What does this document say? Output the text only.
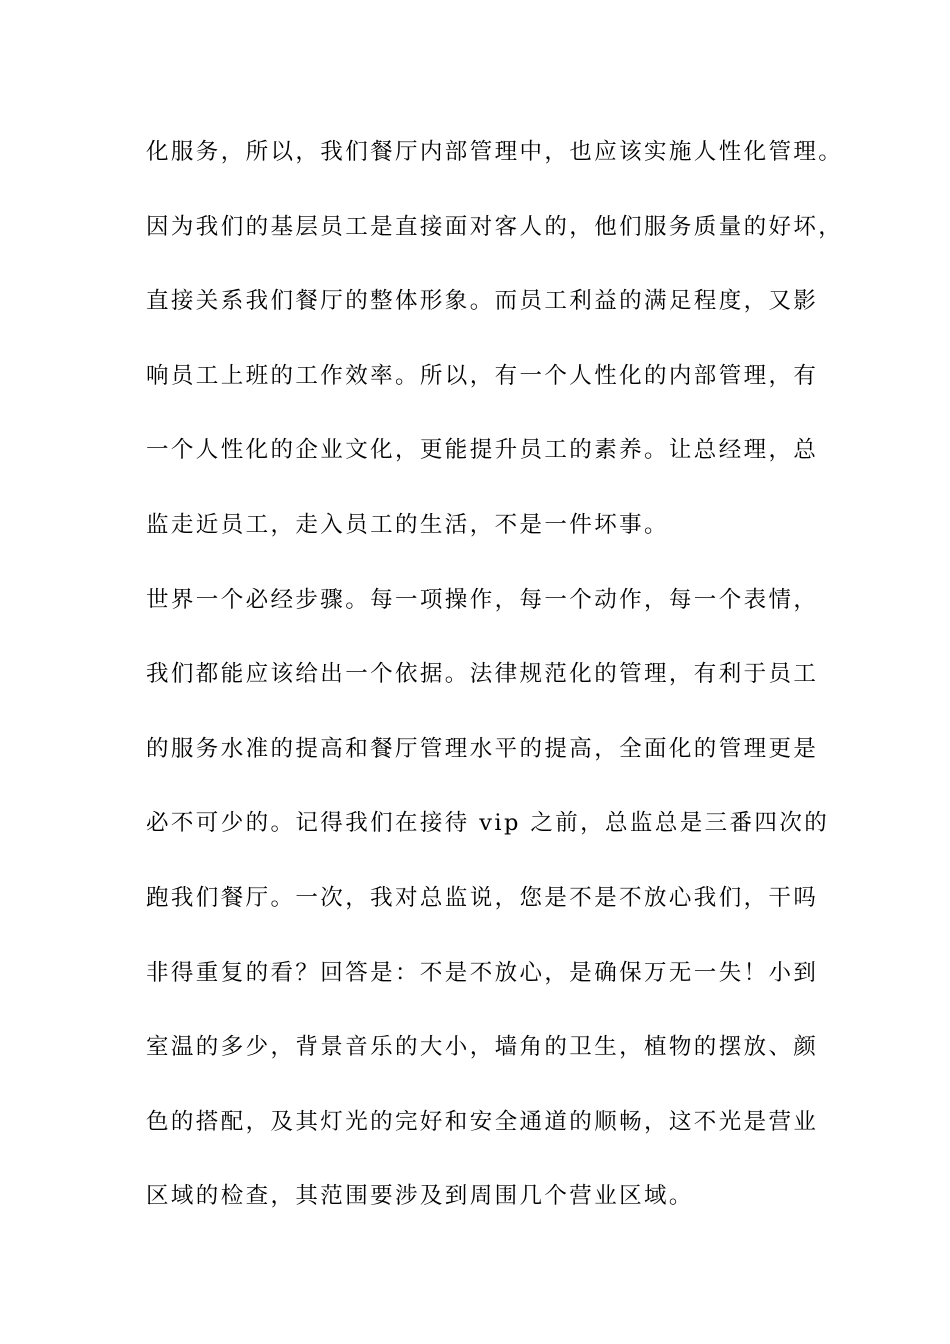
化服务，所以，我们餐厅内部管理中，也应该实施人性化管理。
因为我们的基层员工是直接面对客人的，他们服务质量的好坏，
直接关系我们餐厅的整体形象。而员工利益的满足程度，又影
响员工上班的工作效率。所以，有一个人性化的内部管理，有
一个人性化的企业文化，更能提升员工的素养。让总经理，总
监走近员工，走入员工的生活，不是一件坏事。
世界一个必经步骤。每一项操作，每一个动作，每一个表情，
我们都能应该给出一个依据。法律规范化的管理，有利于员工
的服务水准的提高和餐厅管理水平的提高，全面化的管理更是
必不可少的。记得我们在接待 vip 之前，总监总是三番四次的
跑我们餐厅。一次，我对总监说，您是不是不放心我们，干吗
非得重复的看？回答是：不是不放心，是确保万无一失！小到
室温的多少，背景音乐的大小，墙角的卫生，植物的摆放、颜
色的搭配，及其灯光的完好和安全通道的顺畅，这不光是营业
区域的检查，其范围要涉及到周围几个营业区域。
